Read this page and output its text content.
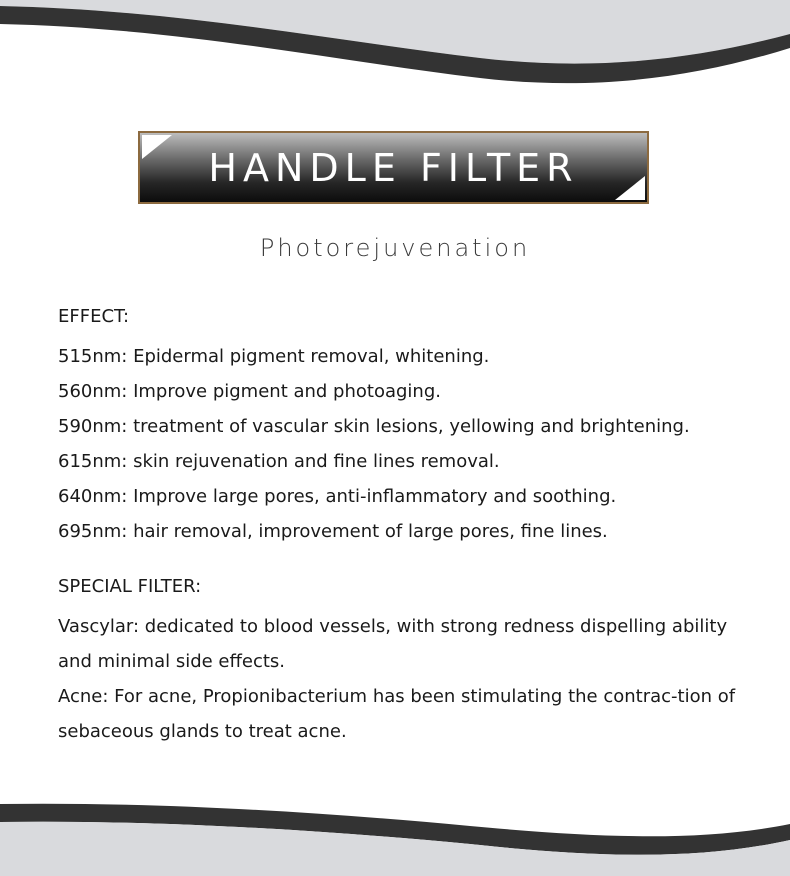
HANDLE FILTER
Photorejuvenation
EFFECT:
515nm: Epidermal pigment removal, whitening.
560nm: Improve pigment and photoaging.
590nm: treatment of vascular skin lesions, yellowing and brightening.
615nm: skin rejuvenation and fine lines removal.
640nm: Improve large pores, anti-inflammatory and soothing.
695nm: hair removal, improvement of large pores, fine lines.
SPECIAL FILTER:

Vascylar: dedicated to blood vessels, with strong redness dispelling ability and minimal side effects.

Acne: For acne, Propionibacterium has been stimulating the contrac-tion of sebaceous glands to treat acne.
